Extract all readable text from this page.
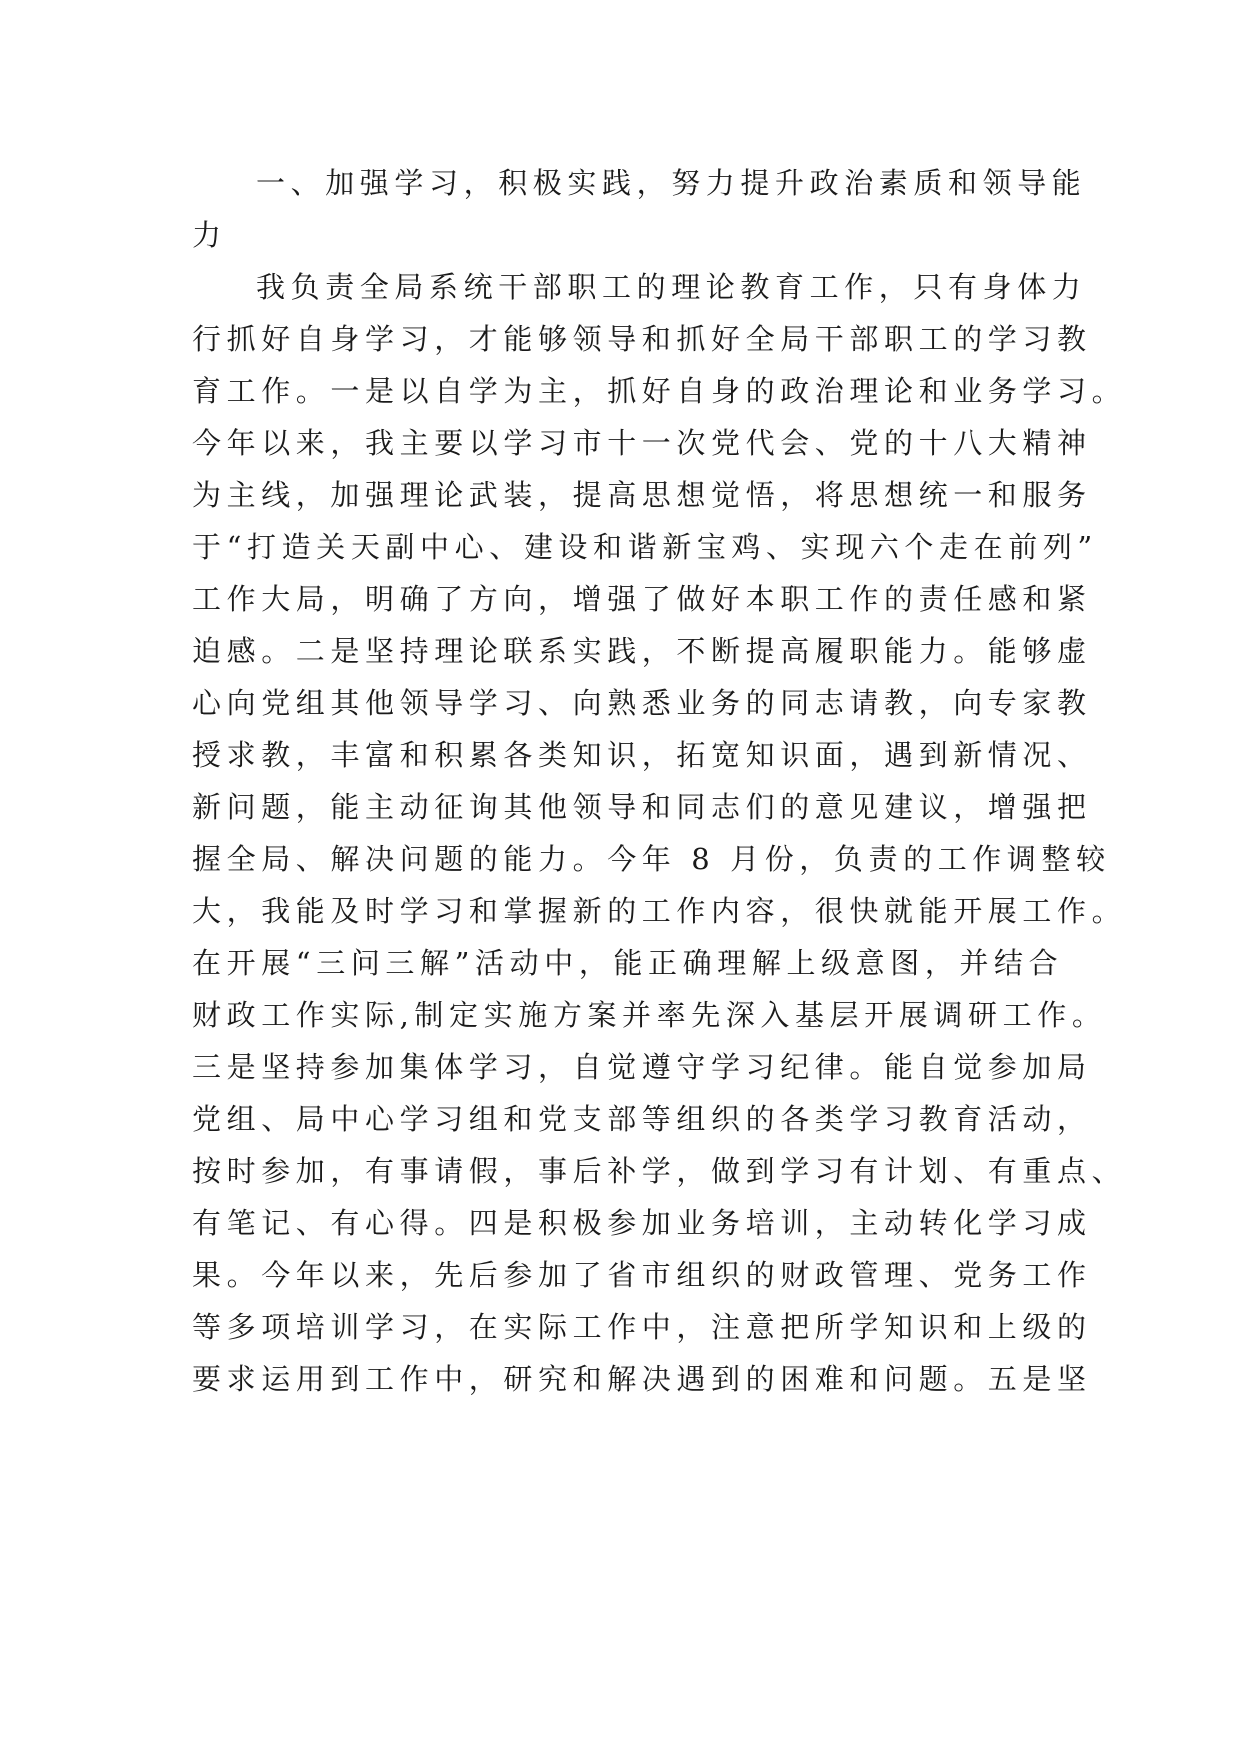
一、加强学习，积极实践，努力提升政治素质和领导能
力
我负责全局系统干部职工的理论教育工作，只有身体力
行抓好自身学习，才能够领导和抓好全局干部职工的学习教
育工作。一是以自学为主，抓好自身的政治理论和业务学习。
今年以来，我主要以学习市十一次党代会、党的十八大精神
为主线，加强理论武装，提高思想觉悟，将思想统一和服务
于“打造关天副中心、建设和谐新宝鸡、实现六个走在前列”
工作大局，明确了方向，增强了做好本职工作的责任感和紧
迫感。二是坚持理论联系实践，不断提高履职能力。能够虚
心向党组其他领导学习、向熟悉业务的同志请教，向专家教
授求教，丰富和积累各类知识，拓宽知识面，遇到新情况、
新问题，能主动征询其他领导和同志们的意见建议，增强把
握全局、解决问题的能力。今年 8 月份，负责的工作调整较
大，我能及时学习和掌握新的工作内容，很快就能开展工作。
在开展“三问三解”活动中，能正确理解上级意图，并结合
财政工作实际,制定实施方案并率先深入基层开展调研工作。
三是坚持参加集体学习，自觉遵守学习纪律。能自觉参加局
党组、局中心学习组和党支部等组织的各类学习教育活动，
按时参加，有事请假，事后补学，做到学习有计划、有重点、
有笔记、有心得。四是积极参加业务培训，主动转化学习成
果。今年以来，先后参加了省市组织的财政管理、党务工作
等多项培训学习，在实际工作中，注意把所学知识和上级的
要求运用到工作中，研究和解决遇到的困难和问题。五是坚
